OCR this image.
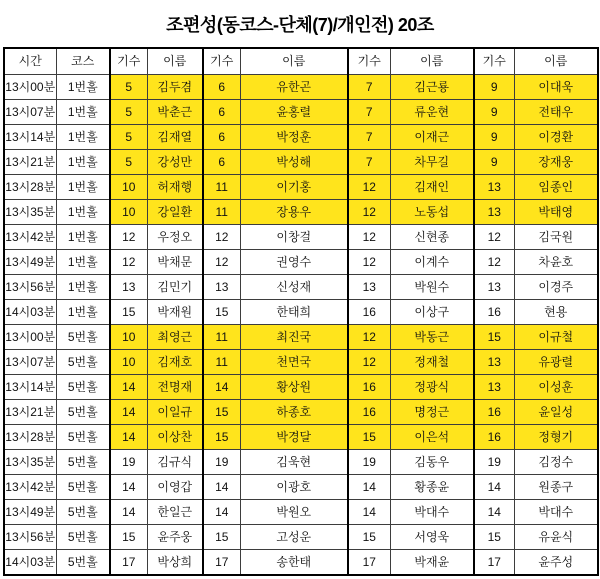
조편성(동코스-단체(7)/개인전) 20조
시간	코스	기수	이름	기수	이름	기수	이름	기수	이름
13시00분	1번홀	5	김두겸	6	유한곤	7	김근룡	9	이대욱
13시07분	1번홀	5	박춘근	6	윤홍렬	7	류운현	9	전태우
13시14분	1번홀	5	김재열	6	박정훈	7	이재근	9	이경환
13시21분	1번홀	5	강성만	6	박성해	7	차무길	9	장재웅
13시28분	1번홀	10	허재행	11	이기홍	12	김재인	13	임종인
13시35분	1번홀	10	강일환	11	장용우	12	노동섭	13	박태영
13시42분	1번홀	12	우정오	12	이창걸	12	신현종	12	김국원
13시49분	1번홀	12	박채문	12	권영수	12	이계수	12	차윤호
13시56분	1번홀	13	김민기	13	신성재	13	박원수	13	이경주
14시03분	1번홀	15	박재원	15	한태희	16	이상구	16	현용
13시00분	5번홀	10	최영근	11	최진국	12	박동근	15	이규철
13시07분	5번홀	10	김재호	11	천면국	12	정재철	13	유광렬
13시14분	5번홀	14	전명재	14	황상원	16	정광식	13	이성훈
13시21분	5번홀	14	이일규	15	하종호	16	명정근	16	윤일성
13시28분	5번홀	14	이상찬	15	박경달	15	이은석	16	정형기
13시35분	5번홀	19	김규식	19	김욱현	19	김동우	19	김정수
13시42분	5번홀	14	이영갑	14	이광호	14	황종윤	14	원종구
13시49분	5번홀	14	한일근	14	박원오	14	박대수	14	박대수
13시56분	5번홀	15	윤주웅	15	고성운	15	서영욱	15	유윤식
14시03분	5번홀	17	박상희	17	송한태	17	박재윤	17	윤주성
